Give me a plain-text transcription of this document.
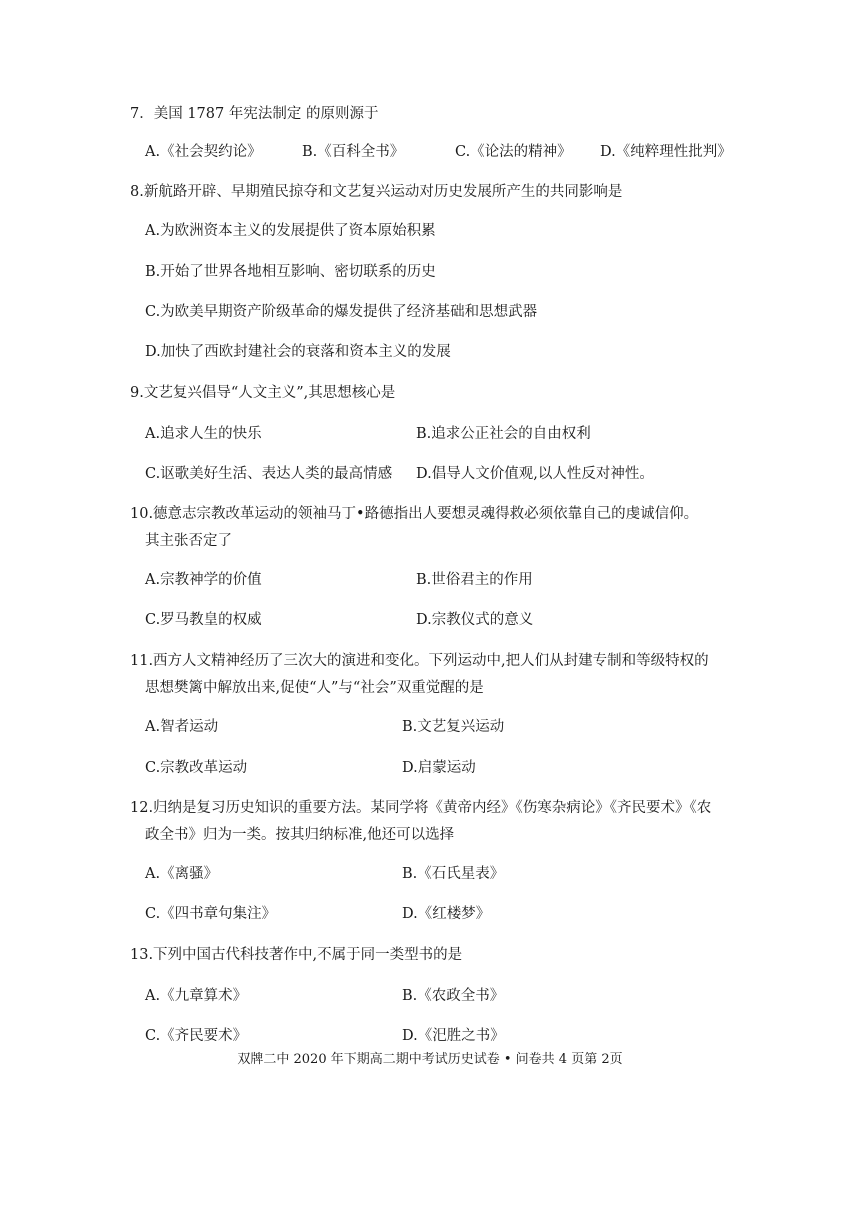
7．美国 1787 年宪法制定 的原则源于
A.《社会契约论》	B.《百科全书》	C.《论法的精神》 D.《纯粹理性批判》
8.新航路开辟、早期殖民掠夺和文艺复兴运动对历史发展所产生的共同影响是
A.为欧洲资本主义的发展提供了资本原始积累
B.开始了世界各地相互影响、密切联系的历史
C.为欧美早期资产阶级革命的爆发提供了经济基础和思想武器
D.加快了西欧封建社会的衰落和资本主义的发展
9.文艺复兴倡导“人文主义”,其思想核心是
A.追求人生的快乐	B.追求公正社会的自由权利
C.讴歌美好生活、表达人类的最高情感 D.倡导人文价值观,以人性反对神性。
10.德意志宗教改革运动的领袖马丁•路德指出人要想灵魂得救必须依靠自己的虔诚信仰。
其主张否定了
A.宗教神学的价值	B.世俗君主的作用
C.罗马教皇的权威	D.宗教仪式的意义
11.西方人文精神经历了三次大的演进和变化。下列运动中,把人们从封建专制和等级特权的
思想樊篱中解放出来,促使“人”与“社会”双重觉醒的是
A.智者运动	B.文艺复兴运动
C.宗教改革运动	D.启蒙运动
12.归纳是复习历史知识的重要方法。某同学将《黄帝内经》《伤寒杂病论》《齐民要术》《农
政全书》归为一类。按其归纳标准,他还可以选择
A.《离骚》	B.《石氏星表》
C.《四书章句集注》	D.《红楼梦》
13.下列中国古代科技著作中,不属于同一类型书的是
A.《九章算术》	B.《农政全书》
C.《齐民要术》	D.《汜胜之书》
双牌二中 2020 年下期高二期中考试历史试卷 • 问卷共 4 页第 2页
